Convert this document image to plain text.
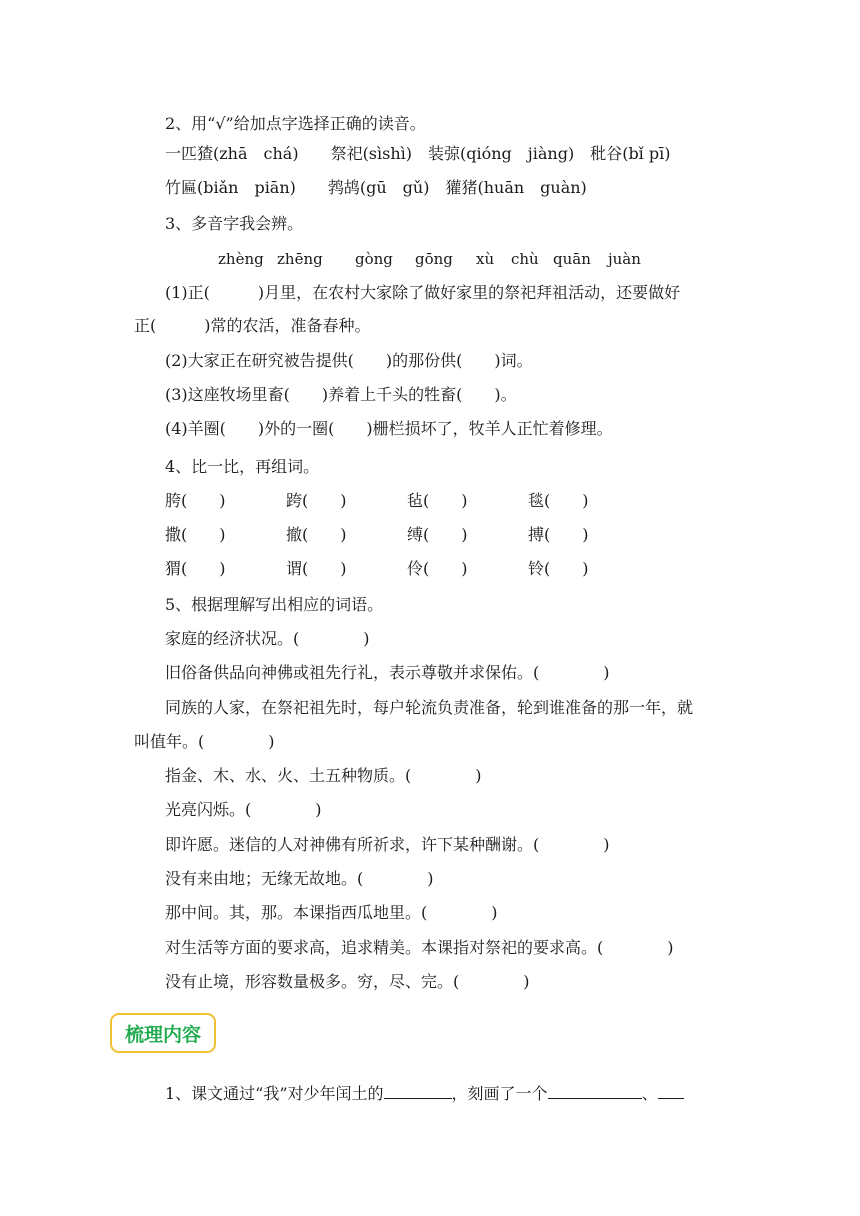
2、用“√”给加点字选择正确的读音。
一匹猹(zhā　chá)　　祭祀(sìshì)　装弶(qióng　jiàng)　秕谷(bǐ pī)
竹匾(biǎn　piān)　　鹁鸪(gū　gǔ)　獾猪(huān　guàn)
3、多音字我会辨。
zhèng zhēng gòng gōng xù chù quān juàn
(1)正(　　　)月里，在农村大家除了做好家里的祭祀拜祖活动，还要做好
正(　　　)常的农活，准备春种。
(2)大家正在研究被告提供(　　)的那份供(　　)词。
(3)这座牧场里畜(　　)养着上千头的牲畜(　　)。
(4)羊圈(　　)外的一圈(　　)栅栏损坏了，牧羊人正忙着修理。
4、比一比，再组词。
胯(　　)	跨(　　)	毡(　　)	毯(　　)
撒(　　)	撤(　　)	缚(　　)	搏(　　)
猬(　　)	谓(　　)	伶(　　)	铃(　　)
5、根据理解写出相应的词语。
家庭的经济状况。(　　　　)
旧俗备供品向神佛或祖先行礼，表示尊敬并求保佑。(　　　　)
同族的人家，在祭祀祖先时，每户轮流负责准备，轮到谁准备的那一年，就
叫值年。(　　　　)
指金、木、水、火、土五种物质。(　　　　)
光亮闪烁。(　　　　)
即许愿。迷信的人对神佛有所祈求，许下某种酬谢。(　　　　)
没有来由地；无缘无故地。(　　　　)
那中间。其，那。本课指西瓜地里。(　　　　)
对生活等方面的要求高，追求精美。本课指对祭祀的要求高。(　　　　)
没有止境，形容数量极多。穷，尽、完。(　　　　)
梳理内容
1、课文通过“我”对少年闰土的	，刻画了一个	、
